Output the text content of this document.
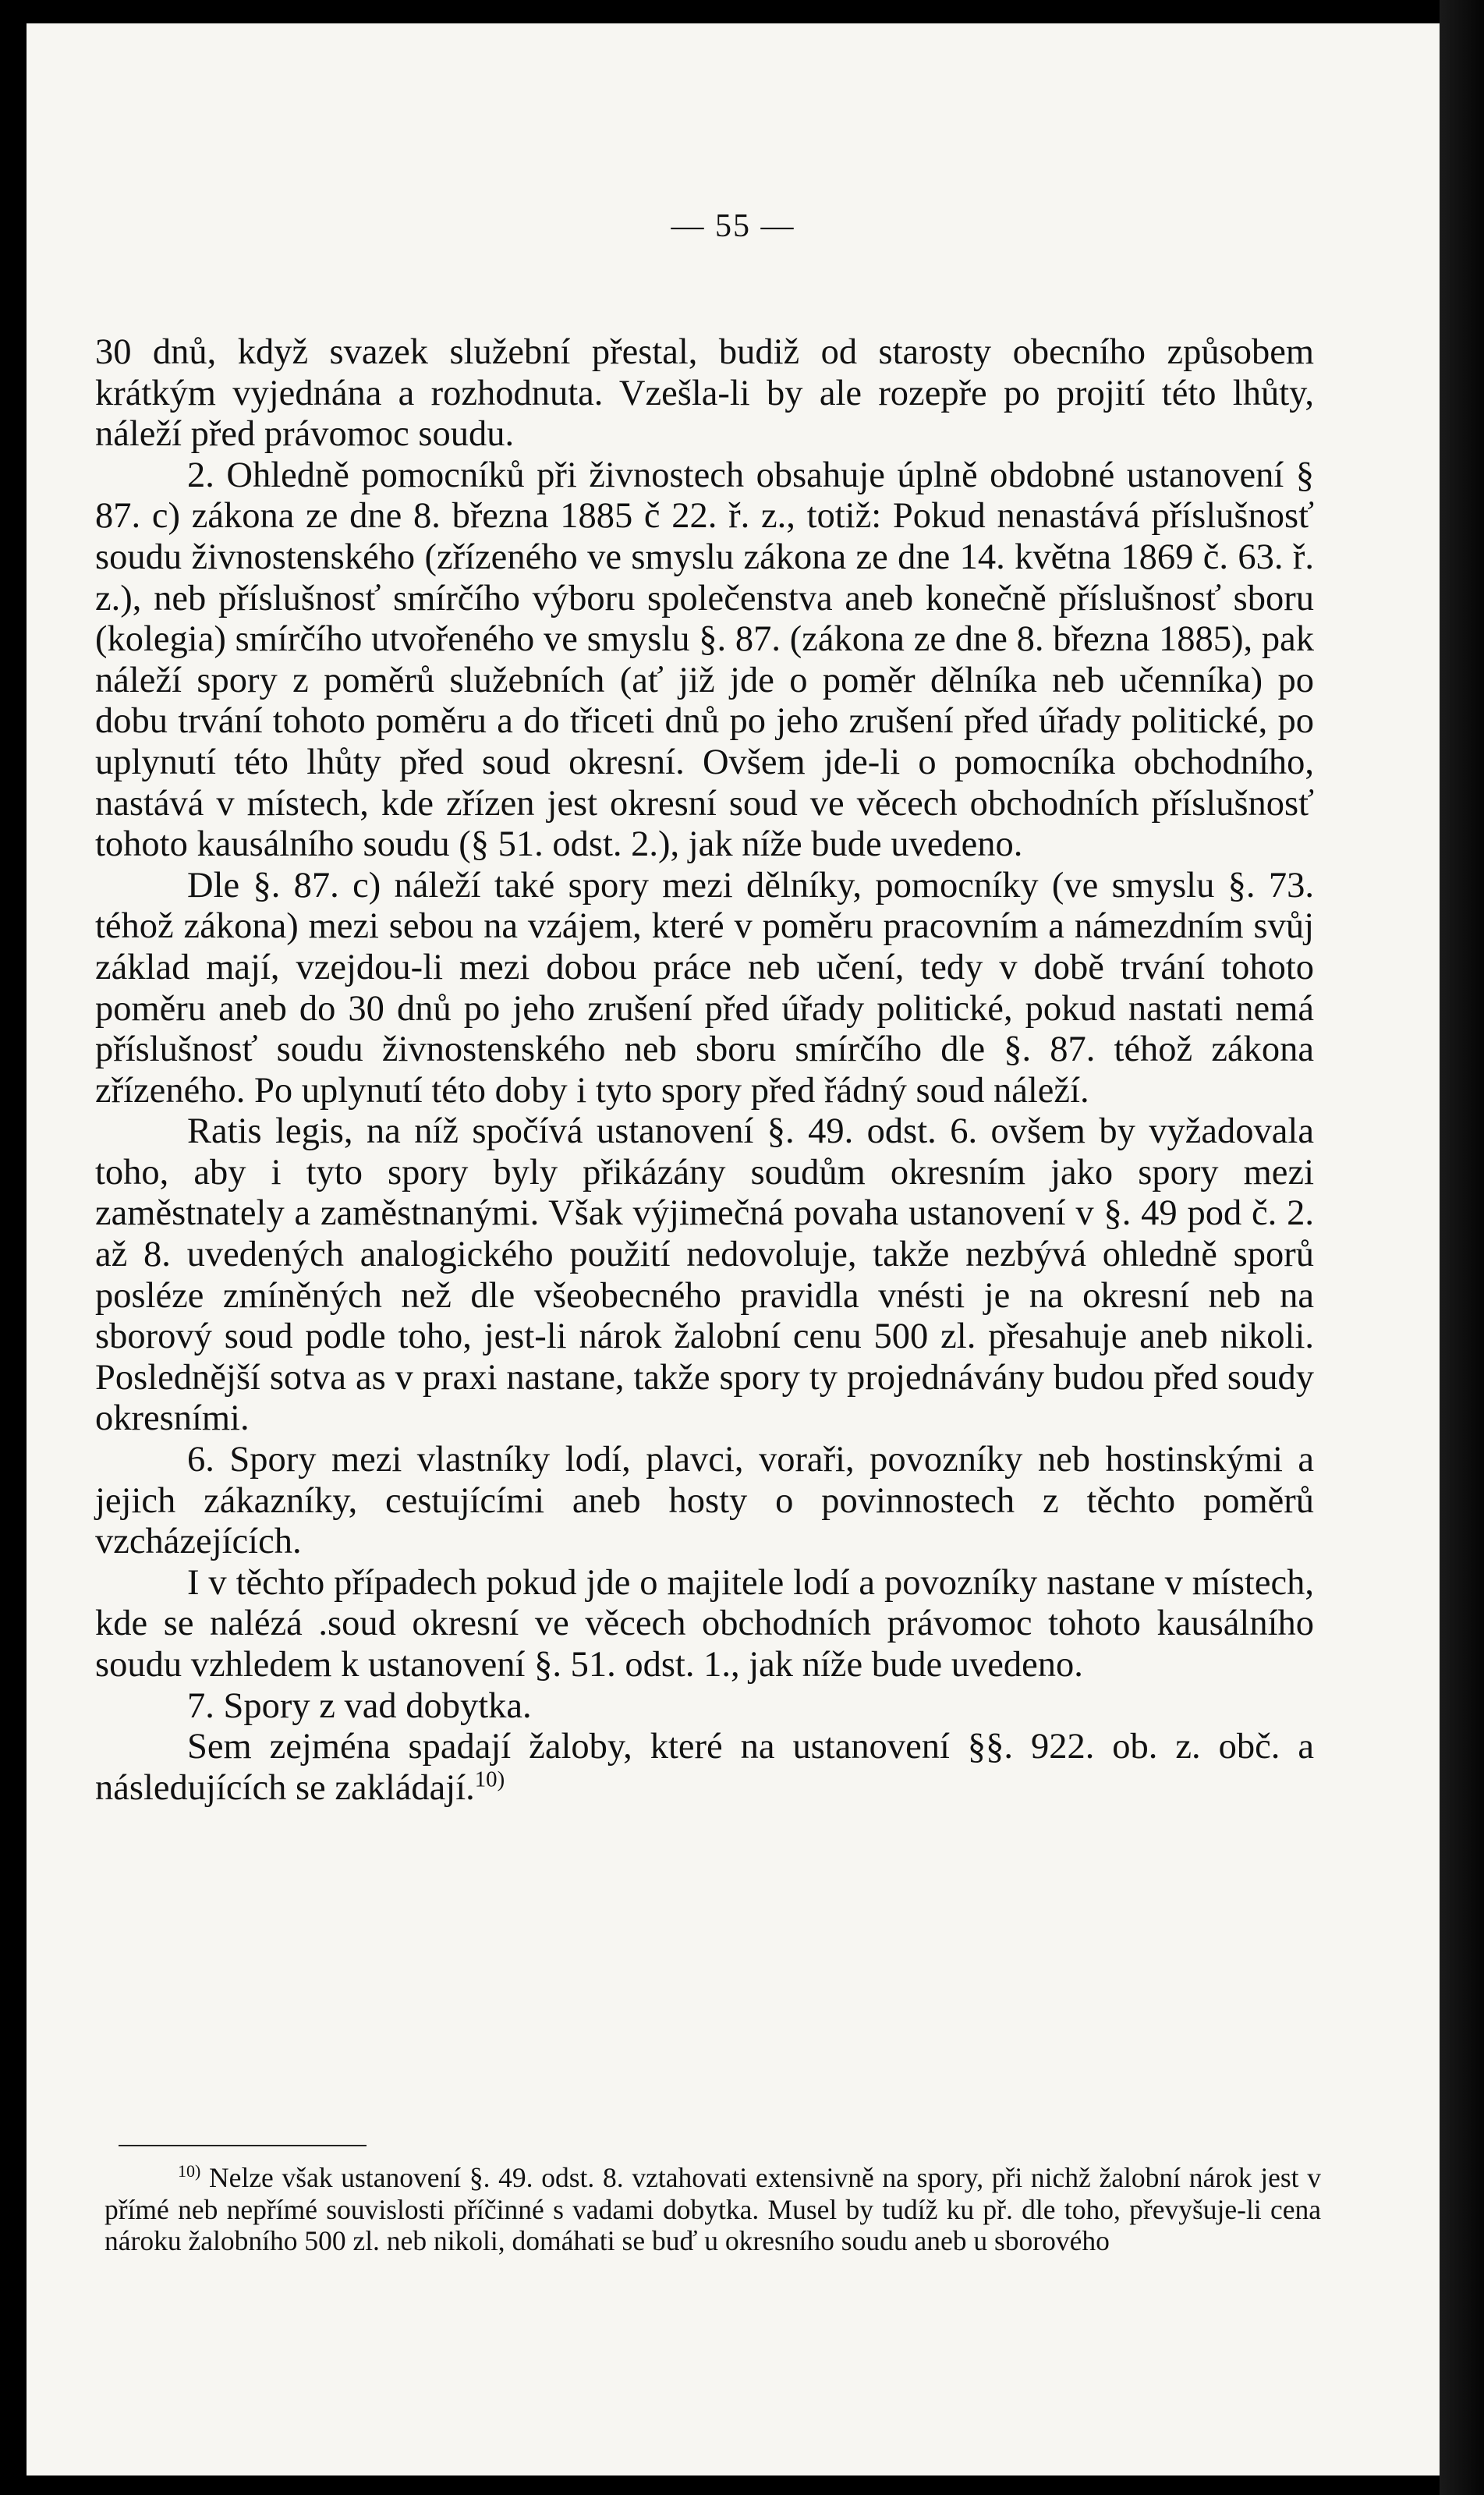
— 55 —

30 dnů, když svazek služební přestal, budiž od starosty obecního způsobem krátkým vyjednána a rozhodnuta. Vzešla-li by ale rozepře po projití této lhůty, náleží před právomoc soudu.

2. Ohledně pomocníků při živnostech obsahuje úplně obdobné ustanovení § 87. c) zákona ze dne 8. března 1885 č 22. ř. z., totiž: Pokud nenastává příslušnosť soudu živnostenského (zřízeného ve smyslu zákona ze dne 14. května 1869 č. 63. ř. z.), neb příslušnosť smírčího výboru společenstva aneb konečně příslušnosť sboru (kolegia) smírčího utvořeného ve smyslu §. 87. (zákona ze dne 8. března 1885), pak náleží spory z poměrů služebních (ať již jde o poměr dělníka neb učenníka) po dobu trvání tohoto poměru a do třiceti dnů po jeho zrušení před úřady politické, po uplynutí této lhůty před soud okresní. Ovšem jde-li o pomocníka obchodního, nastává v místech, kde zřízen jest okresní soud ve věcech obchodních příslušnosť tohoto kausálního soudu (§ 51. odst. 2.), jak níže bude uvedeno.

Dle §. 87. c) náleží také spory mezi dělníky, pomocníky (ve smyslu §. 73. téhož zákona) mezi sebou na vzájem, které v poměru pracovním a námezdním svůj základ mají, vzejdou-li mezi dobou práce neb učení, tedy v době trvání tohoto poměru aneb do 30 dnů po jeho zrušení před úřady politické, pokud nastati nemá příslušnosť soudu živnostenského neb sboru smírčího dle §. 87. téhož zákona zřízeného. Po uplynutí této doby i tyto spory před řádný soud náleží.

Ratis legis, na níž spočívá ustanovení §. 49. odst. 6. ovšem by vyžadovala toho, aby i tyto spory byly přikázány soudům okresním jako spory mezi zaměstnately a zaměstnanými. Však výjimečná povaha ustanovení v §. 49 pod č. 2. až 8. uvedených analogického použití nedovoluje, takže nezbývá ohledně sporů posléze zmíněných než dle všeobecného pravidla vnésti je na okresní neb na sborový soud podle toho, jest-li nárok žalobní cenu 500 zl. přesahuje aneb nikoli. Poslednější sotva as v praxi nastane, takže spory ty projednávány budou před soudy okresními.

6. Spory mezi vlastníky lodí, plavci, voraři, povozníky neb hostinskými a jejich zákazníky, cestujícími aneb hosty o povinnostech z těchto poměrů vzcházejících.

I v těchto případech pokud jde o majitele lodí a povozníky nastane v místech, kde se nalézá .soud okresní ve věcech obchodních právomoc tohoto kausálního soudu vzhledem k ustanovení §. 51. odst. 1., jak níže bude uvedeno.

7. Spory z vad dobytka.

Sem zejména spadají žaloby, které na ustanovení §§. 922. ob. z. obč. a následujících se zakládají.$^{10)}$

$^{10)}$ Nelze však ustanovení §. 49. odst. 8. vztahovati extensivně na spory, při nichž žalobní nárok jest v přímé neb nepřímé souvislosti příčinné s vadami dobytka. Musel by tudíž ku př. dle toho, převyšuje-li cena nároku žalobního 500 zl. neb nikoli, domáhati se buď u okresního soudu aneb u sborového
